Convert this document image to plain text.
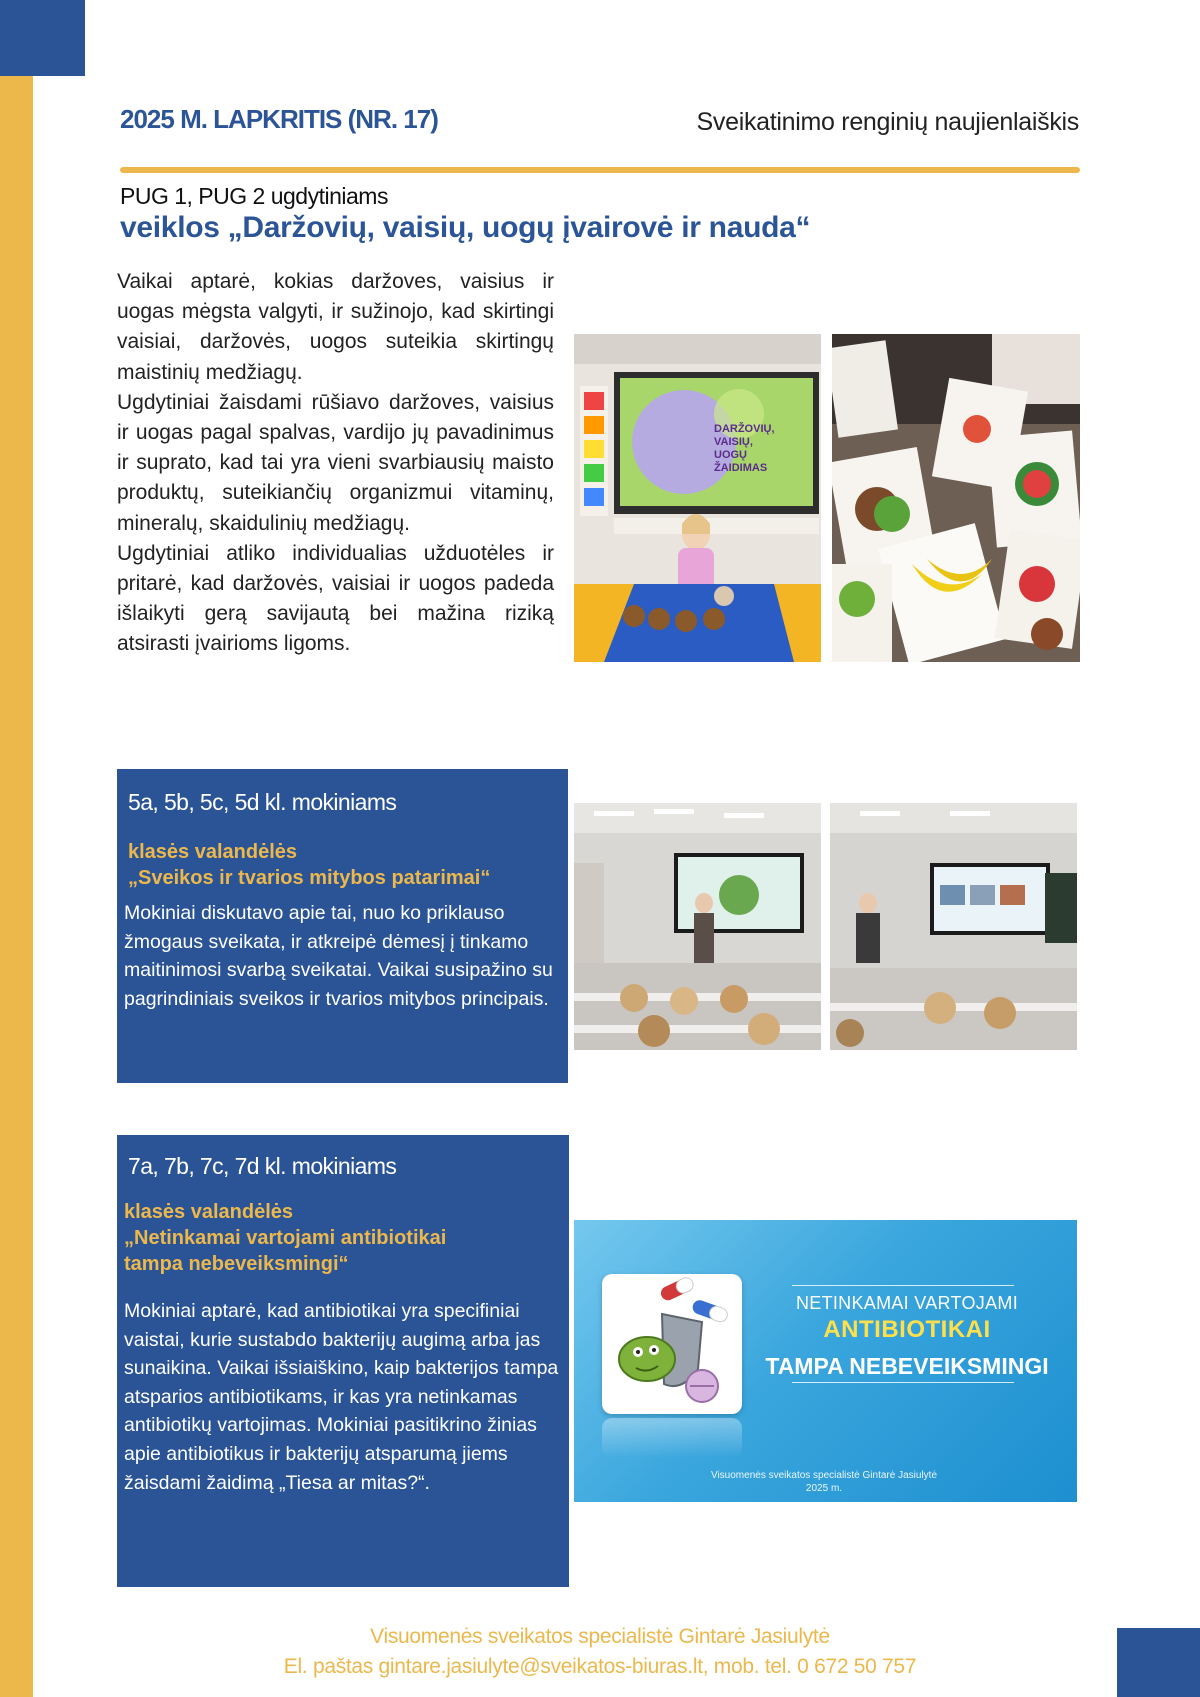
2025 M. LAPKRITIS (NR. 17)	Sveikatinimo renginių naujienlaiškis
PUG 1, PUG 2 ugdytiniams
veiklos „Daržovių, vaisių, uogų įvairovė ir nauda“

Vaikai aptarė, kokias daržoves, vaisius ir uogas mėgsta valgyti, ir sužinojo, kad skirtingi vaisiai, daržovės, uogos suteikia skirtingų maistinių medžiagų.

Ugdytiniai žaisdami rūšiavo daržoves, vaisius ir uogas pagal spalvas, vardijo jų pavadinimus ir suprato, kad tai yra vieni svarbiausių maisto produktų, suteikiančių organizmui vitaminų, mineralų, skaidulinių medžiagų.

Ugdytiniai atliko individualias užduotėles ir pritarė, kad daržovės, vaisiai ir uogos padeda išlaikyti gerą savijautą bei mažina riziką atsirasti įvairioms ligoms.

DARŽOVIŲ,
VAISIŲ,
UOGŲ
ŽAIDIMAS
5a, 5b, 5c, 5d kl. mokiniams
klasės valandėlės
„Sveikos ir tvarios mitybos patarimai“
Mokiniai diskutavo apie tai, nuo ko priklauso žmogaus sveikata, ir atkreipė dėmesį į tinkamo maitinimosi svarbą sveikatai. Vaikai susipažino su pagrindiniais sveikos ir tvarios mitybos principais.
7a, 7b, 7c, 7d kl. mokiniams
klasės valandėlės
„Netinkamai vartojami antibiotikai
tampa nebeveiksmingi“
Mokiniai aptarė, kad antibiotikai yra specifiniai vaistai, kurie sustabdo bakterijų augimą arba jas sunaikina. Vaikai išsiaiškino, kaip bakterijos tampa atsparios antibiotikams, ir kas yra netinkamas antibiotikų vartojimas. Mokiniai pasitikrino žinias apie antibiotikus ir bakterijų atsparumą jiems žaisdami žaidimą „Tiesa ar mitas?“.
NETINKAMAI VARTOJAMI
ANTIBIOTIKAI
TAMPA NEBEVEIKSMINGI
Visuomenės sveikatos specialistė Gintarė Jasiulytė
2025 m.
Visuomenės sveikatos specialistė Gintarė Jasiulytė
El. paštas gintare.jasiulyte@sveikatos-biuras.lt, mob. tel. 0 672 50 757
